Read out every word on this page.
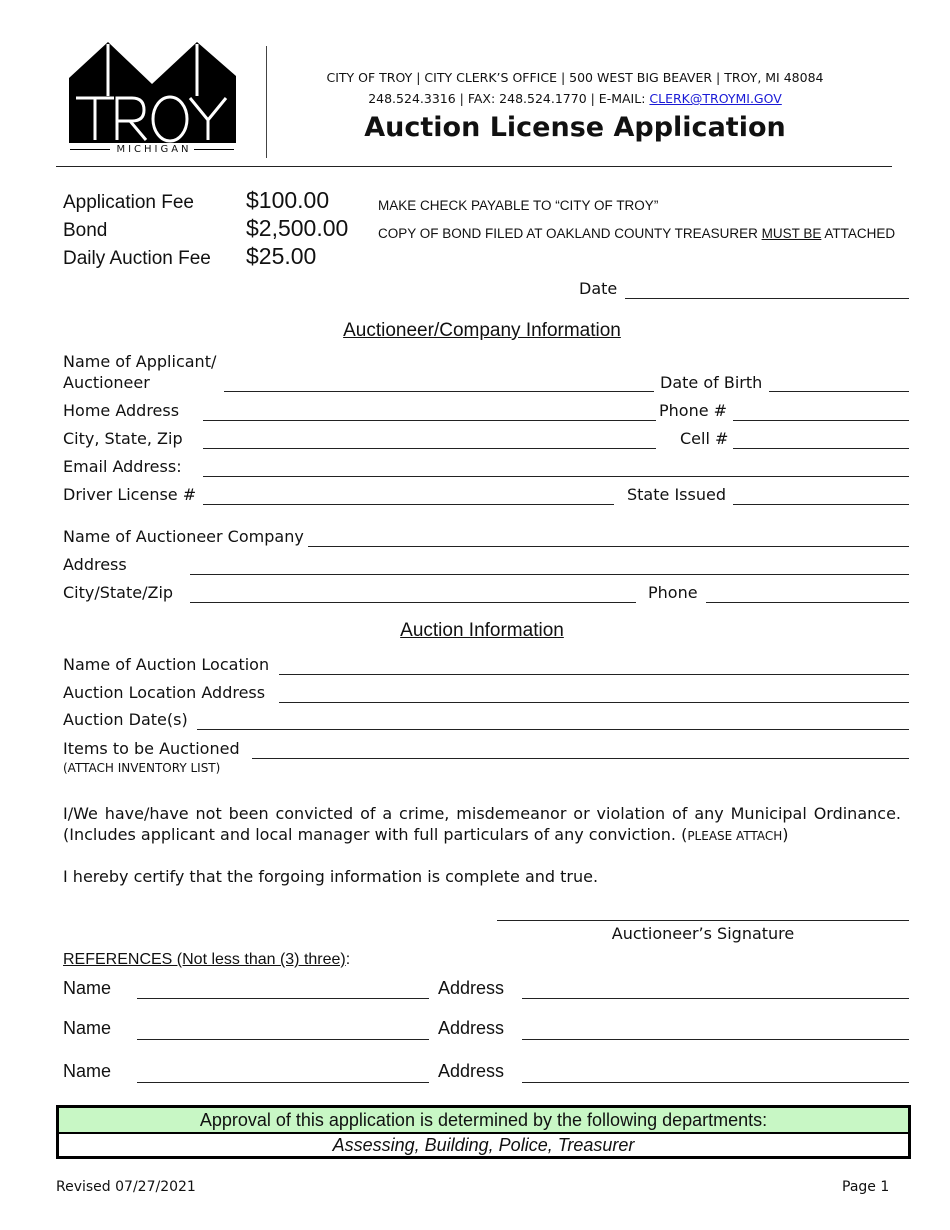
MICHIGAN
CITY OF TROY | CITY CLERK’S OFFICE | 500 WEST BIG BEAVER | TROY, MI 48084
248.524.3316 | FAX: 248.524.1770 | E-MAIL: CLERK@TROYMI.GOV
Auction License Application
Application Fee $100.00	MAKE CHECK PAYABLE TO “CITY OF TROY”
Bond	$2,500.00 COPY OF BOND FILED AT OAKLAND COUNTY TREASURER MUST BE ATTACHED
Daily Auction Fee $25.00
Date
Auctioneer/Company Information
Name of Applicant/
Auctioneer	Date of Birth
Home Address	Phone #
City, State, Zip	Cell #
Email Address:
Driver License #	State Issued
Name of Auctioneer Company
Address
City/State/Zip	Phone
Auction Information
Name of Auction Location
Auction Location Address
Auction Date(s)
Items to be Auctioned
(ATTACH INVENTORY LIST)
I/We have/have not been convicted of a crime, misdemeanor or violation of any Municipal Ordinance. (Includes applicant and local manager with full particulars of any conviction. (PLEASE ATTACH)
I hereby certify that the forgoing information is complete and true.
Auctioneer’s Signature
REFERENCES (Not less than (3) three):
Name	Address
Name	Address
Name	Address
Approval of this application is determined by the following departments:
Assessing, Building, Police, Treasurer
Revised 07/27/2021	Page 1
